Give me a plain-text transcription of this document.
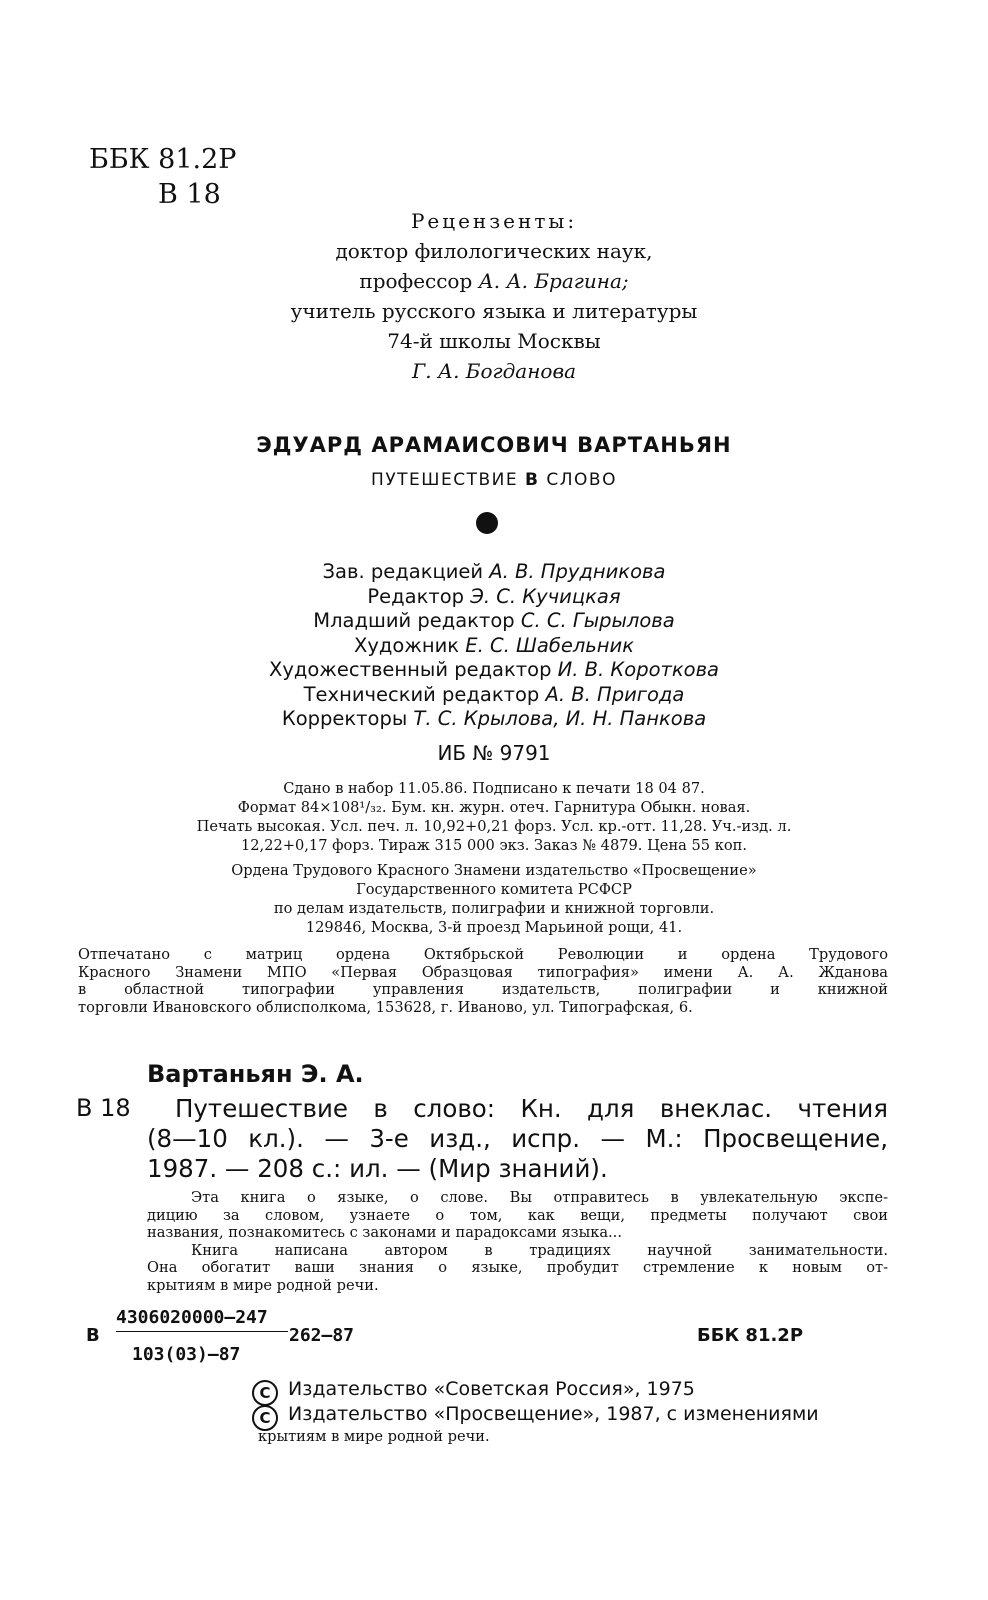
ББК 81.2Р
В 18
Рецензенты:
доктор филологических наук,
профессор А. А. Брагина;
учитель русского языка и литературы
74-й школы Москвы
Г. А. Богданова
ЭДУАРД АРАМАИСОВИЧ ВАРТАНЬЯН
ПУТЕШЕСТВИЕ В СЛОВО
Зав. редакцией А. В. Прудникова
Редактор Э. С. Кучицкая
Младший редактор С. С. Гырылова
Художник Е. С. Шабельник
Художественный редактор И. В. Короткова
Технический редактор А. В. Пригода
Корректоры Т. С. Крылова, И. Н. Панкова
ИБ № 9791
Сдано в набор 11.05.86. Подписано к печати 18 04 87.
Формат 84×108¹/₃₂. Бум. кн. журн. отеч. Гарнитура Обыкн. новая.
Печать высокая. Усл. печ. л. 10,92+0,21 форз. Усл. кр.-отт. 11,28. Уч.-изд. л.
12,22+0,17 форз. Тираж 315 000 экз. Заказ № 4879. Цена 55 коп.
Ордена Трудового Красного Знамени издательство «Просвещение»
Государственного комитета РСФСР
по делам издательств, полиграфии и книжной торговли.
129846, Москва, 3-й проезд Марьиной рощи, 41.
Отпечатано с матриц ордена Октябрьской Революции и ордена Трудового
Красного Знамени МПО «Первая Образцовая типография» имени А. А. Жданова
в областной типографии управления издательств, полиграфии и книжной
торговли Ивановского облисполкома, 153628, г. Иваново, ул. Типографская, 6.
Вартаньян Э. А.
В 18	Путешествие в слово: Кн. для внеклас. чтения
(8—10 кл.). — 3-е изд., испр. — М.: Просвещение,
1987. — 208 с.: ил. — (Мир знаний).
Эта книга о языке, о слове. Вы отправитесь в увлекательную экспе-
дицию за словом, узнаете о том, как вещи, предметы получают свои
названия, познакомитесь с законами и парадоксами языка...
Книга написана автором в традициях научной занимательности.
Она обогатит ваши знания о языке, пробудит стремление к новым от-
крытиям в мире родной речи.
В
4306020000—247
103(03)—87
262—87	ББК 81.2Р
C Издательство «Советская Россия», 1975
C Издательство «Просвещение», 1987, с изменениями
крытиям в мире родной речи.
